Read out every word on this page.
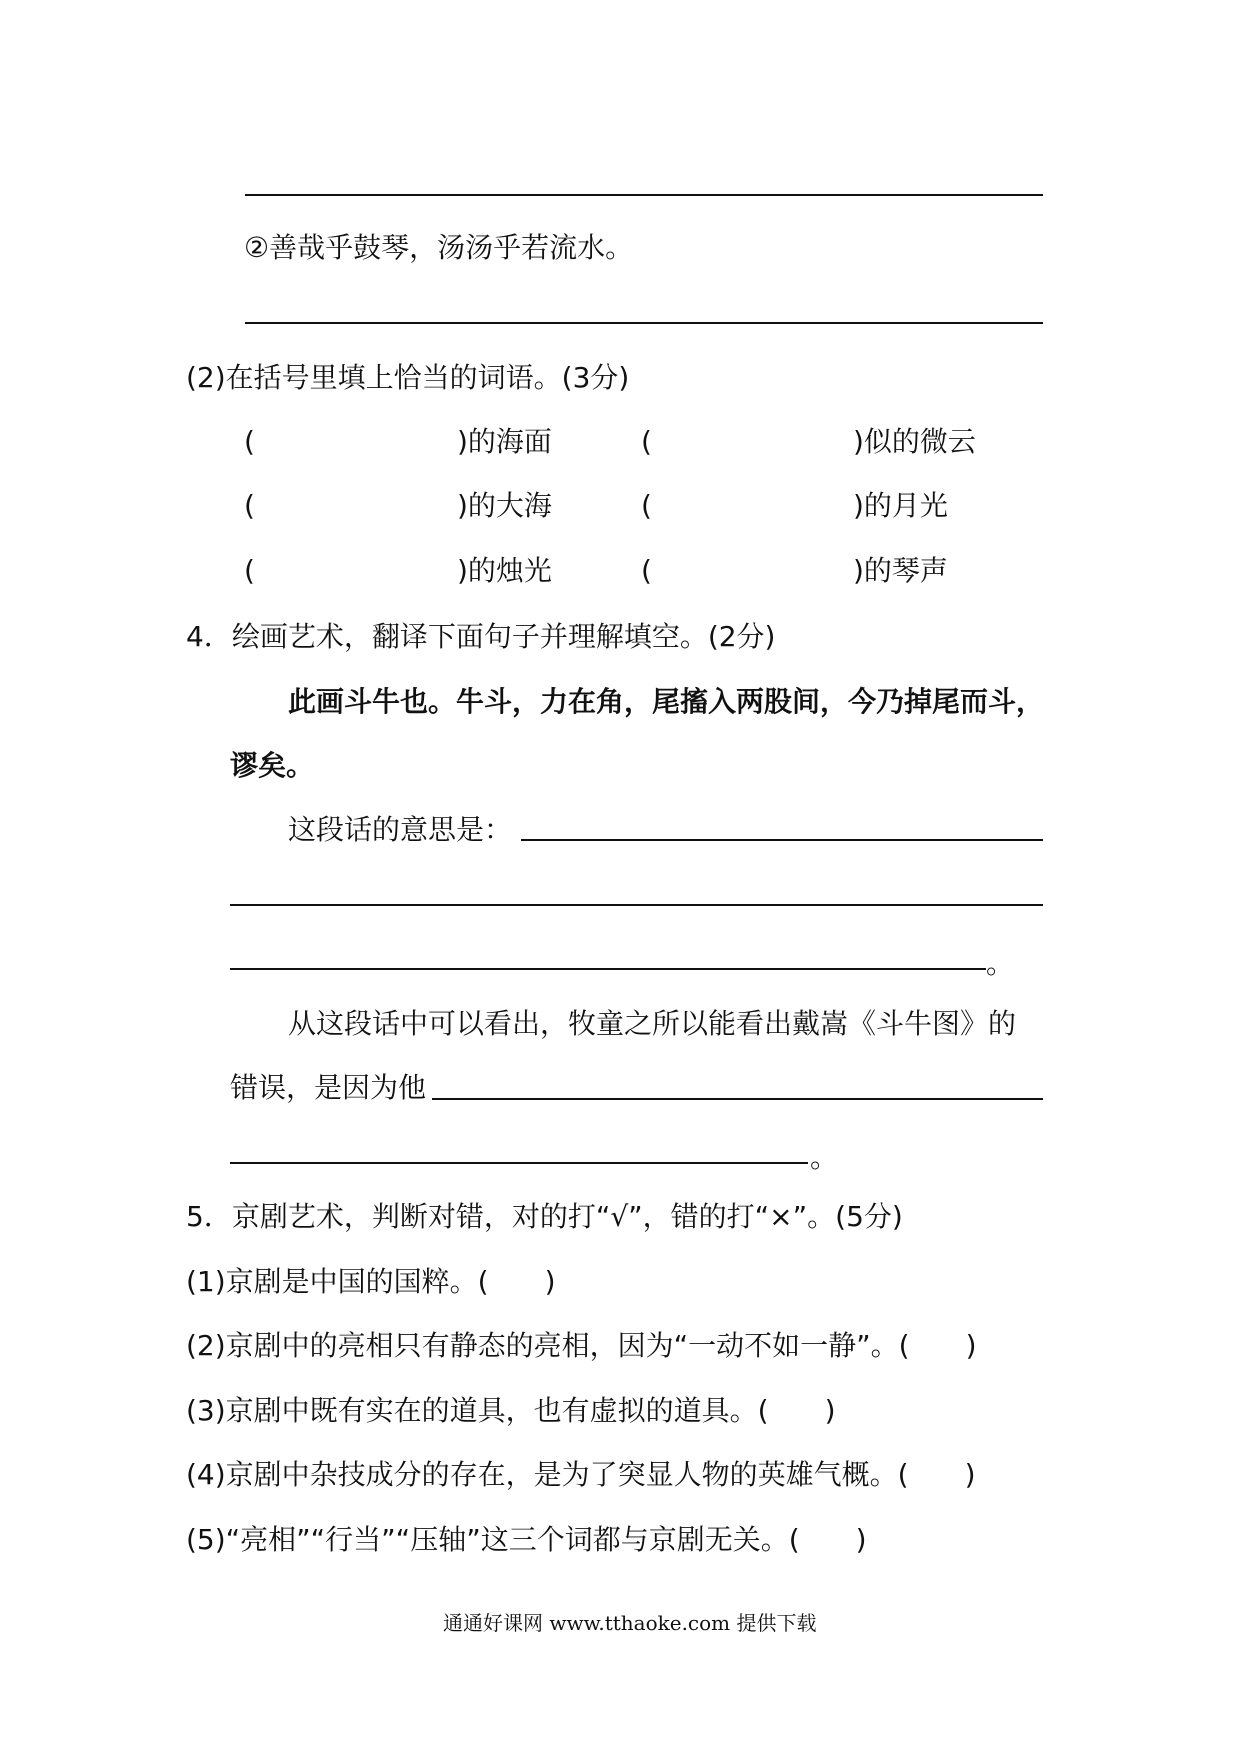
②善哉乎鼓琴，汤汤乎若流水。
(2)在括号里填上恰当的词语。(3分)
(	)的海面	(	)似的微云
(	)的大海	(	)的月光
(	)的烛光	(	)的琴声
4．绘画艺术，翻译下面句子并理解填空。(2分)
此画斗牛也。牛斗，力在角，尾搐入两股间，今乃掉尾而斗，
谬矣。
这段话的意思是：
。
从这段话中可以看出，牧童之所以能看出戴嵩《斗牛图》的
错误，是因为他
。
5．京剧艺术，判断对错，对的打“√”，错的打“×”。(5分)
(1)京剧是中国的国粹。(　　)
(2)京剧中的亮相只有静态的亮相，因为“一动不如一静”。(　　)
(3)京剧中既有实在的道具，也有虚拟的道具。(　　)
(4)京剧中杂技成分的存在，是为了突显人物的英雄气概。(　　)
(5)“亮相”“行当”“压轴”这三个词都与京剧无关。(　　)
通通好课网 www.tthaoke.com 提供下载
